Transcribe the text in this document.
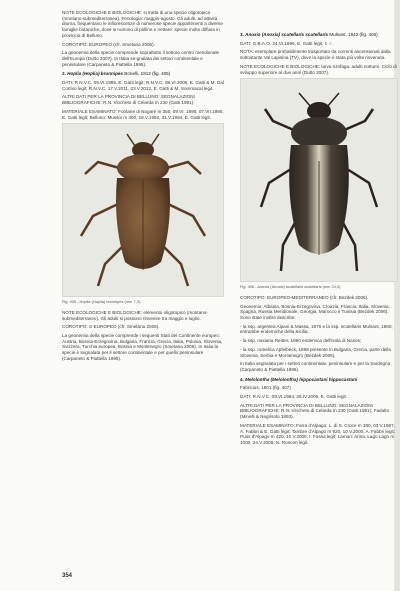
NOTE ECOLOGICHE E BIOLOGICHE: si tratta di una specie oligotopica (montano-submediterranea). Fenologia: maggio-agosto. Gli adulti, ad attività diurna, frequentano le infiorescenze di numerose specie appartenenti a diverse famiglie botaniche, dove si nutrono di polline e nettare: specie molto diffusa in provincia di Belluno.

COROTIPO: EUROPEO (cfr. Smetana 2006).

La geonemia della specie comprende soprattutto il settore centro meridionale dell'Europa (Dutto 2007). In Italia se-gnalata dei settori continentale e peninsulare (Carpaneto & Piattella 1995).

2. Hoplia (Hoplia) brunnipes Bonelli, 1812 (fig. 405)

DATI: R.N.V.C. 09.VI.1985, E. Gatti legit; R.N.V.C. 08.VI.2006, E. Gatti & M. Dal Cortivo legit; R.N.V.C. 17.V.2011, 23.V.2012, E. Gatti & M. Sommacal legit.

ALTRI DATI PER LA PROVINCIA DI BELLUNO: SEGNALAZIONI BIBLIOGRAFICHE: R.N. Vincheto di Celarda m 230 (Gatti 1991).

MATERIALE ESAMINATO: Fontane di Nogaré m 350, 09.VI. 1990, 07.VII.1990, E. Gatti legit; Belluno: Mussoi m 400, 18.V.1992, 31.V.1994, E. Gatti legit.

Fig. 405 - Hoplia (Hoplia) brunnipes (mm 7,3).

NOTE ECOLOGICHE E BIOLOGICHE: elemento oligotopico (montano-submediterraneo). Gli adulti si possono rinvenire tra maggio e luglio.

COROTIPO: S-EUROPEO (cfr. Smetana 2006).

La geonemia della specie comprende i seguenti Stati del Continente europeo: Austria, Bosnia-Erzegovina, Bulgaria, Francia, Grecia, Italia, Polonia, Slovenia, Svizzera, Turchia europea, Bosnia e Montenegro (Smetana 2006). In Italia la specie è segnalata per il settore continentale e per quello peninsulare (Carpaneto & Piattella 1995).

3. Anoxia (Anoxia) scutellaris scutellaris Mulsant, 1842 (fig. 406)

DATI: G.B.A.O. 24.VI.1996, E. Gatti legit, 1 ♂.

NOTA: esemplare probabilmente trasportato da correnti ascensionali dalla sottostante Val Lapisina (TV), dove la specie è stata più volte rinvenuta.

NOTE ECOLOGICHE E BIOLOGICHE: larva rizofaga, adulti notturni. Ciclo di sviluppo superiore al due anni (Dutto 2007).

Fig. 406 - Anoxia (Anoxia) scutellaris scutellaris (mm 24,0).

COROTIPO: EUROPEO-MEDITERRANEO (cfr. Bezdek 2006).

Geonemia: Albania, Bosnia-Erzegovina, Croazia, Francia, Italia, Slovenia, Spagna, Russia Meridionale, Georgia, Marocco e Tunisia (Bezdek 2006). Sono state inoltre descritte:

- la ssp. argentea Alpani & Massa, 1976 e la ssp. scutellaris Mulsant, 1860, entrambe endemiche della Sicilia;

- la ssp. naxiana Reitter, 1890 endemica dell'isola di Naxos;

- la ssp. rumelica Apfelbeck, 1899 presente in Bulgaria, Grecia, parte della Slovenia, Serbia e Montenegro (Bezdek 2006).

In Italia segnalata per i settori continentale, peninsulare e per la Sardegna (Carpaneto & Piattella 1995).

4. Melolontha (Melolontha) hippocastani hippocastani

Fabricius, 1801 (fig. 407)

DATI: R.N.V.C. 09.VI.1984, 26.IV.2006, E. Gatti legit.

ALTRI DATI PER LA PROVINCIA DI BELLUNO: SEGNALAZIONI BIBLIOGRAFICHE: R.N. Vincheto di Celarda m 230 (Gatti 1991); Fadalto (Minelli & Negrisolo 1993).

MATERIALE ESAMINATO: Farra d'Alpago: L. di S. Croce m 380, 03.V.1997, A. Fabbri & E. Gatti legit; Tambre d'Alpago m 920, 10.V.2000, A. Fabbri legit; Puos d'Alpago m 420, 10.V.2000, I. Fossa legit; Lamon: Arina, Lago Lago m 1000, 24.V.2009, N. Roncen legit.

354
